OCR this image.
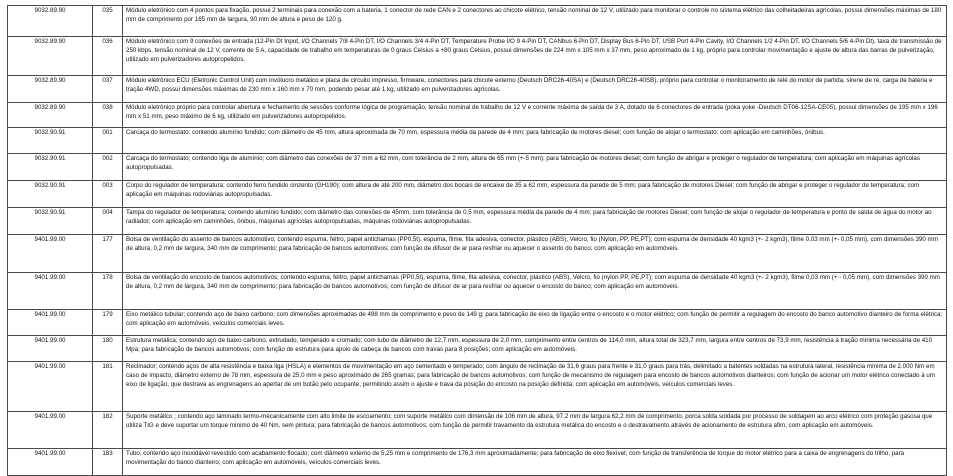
9032.89.90	035	Módulo eletrônico com 4 pontos para fixação, possui 2 terminais para conexão com a bateria, 1 conector de rede CAN e 2 conectores ao chicote elétrico, tensão nominal de 12 V, utilizado para monitorar o controle no sistema elétrico das colheitadeiras agrícolas, possui dimensões máximas de 180 mm de comprimento por 165 mm de largura, 90 mm de altura e peso de 120 g.
9032.89.90	036	Módulo eletrônico com 9 conexões de entrada (12-Pin Dt Input, I/O Channels 7/8 4-Pin DT, I/O Channels 3/4 4-Pin DT, Temperature Probe I/O 9 4-Pin DT, CANbus 6-Pin DT, Display Bus 6-Pin DT, USB Port 4-Pin Cavity, I/O Channels 1/2 4-Pin DT, I/O Channels 5/6 4-Pin Dt), taxa de transmissão de 250 kbps, tensão nominal de 12 V, corrente de 5 A, capacidade de trabalho em temperaturas de 0 graus Celsius a +80 graus Celsius, possui dimensões de 224 mm x 105 mm x 37 mm, peso aproximado de 1 kg, próprio para controlar movimentação e ajuste de altura das barras de pulverização, utilizado em pulverizadores autopropelidos.
9032.89.90	037	Módulo eletrônico ECU (Eletronic Control Unit) com invólucro metálico e placa de circuito impresso, firmware, conectores para chicote externo (Deutsch DRC26-40SA) e (Deutsch DRC26-40SB), próprio para controlar o monitoramento de relé do motor de partida, sirene de ré, carga de bateria e tração 4WD, possui dimensões máximas de 230 mm x 160 mm x 70 mm, podendo pesar até 1 kg, utilizado em pulverizadores agrícolas.
9032.89.90	038	Módulo eletrônico próprio para controlar abertura e fechamento de sessões conforme lógica de programação, tensão nominal de trabalho de 12 V e corrente máxima de saída de 3 A, dotado de 6 conectores de entrada (poka yoke -Deutsch DT06-12SA-CE05), possui dimensões de 195 mm x 196 mm x 51 mm, peso máximo de 6 kg, utilizado em pulverizadores autopropelidos.
9032.90.91	001	Carcaça do termostato; contendo alumínio fundido; com diâmetro de 45 mm, altura aproximada de 70 mm, espessura média da parede de 4 mm; para fabricação de motores diesel; com função de alojar o termostato; com aplicação em caminhões, ônibus.
9032.90.91	002	Carcaça do termostato; contendo liga de alumínio; com diâmetro das conexões de 37 mm a 62 mm, com tolerância de 2 mm, altura de 65 mm (+-5 mm); para fabricação de motores diesel; com função de abrigar e proteger o regulador de temperatura; com aplicação em máquinas agrícolas autopropulsadas.
9032.90.91	003	Corpo do regulador de temperatura; contendo ferro fundido cinzento (GH190); com altura de até 200 mm, diâmetro dos bocais de encaixe de 35 a 62 mm, espessura da parede de 5 mm; para fabricação de motores Diesel; com função de abrigar e proteger o regulador de temperatura; com aplicação em máquinas rodoviárias autopropulsadas.
9032.90.91	004	Tampa do regulador de temperatura; contendo alumínio fundido; com diâmetro das conexões de 45mm, com tolerância de 0,5 mm, espessura média da parede de 4 mm; para fabricação de motores Diesel; com função de alojar o regulador de temperatura e ponto de saída de água do motor ao radiador; com aplicação em caminhões, ônibus, máquinas agrícolas autopropulsadas, máquinas rodoviárias autopropulsadas.
9401.99.00	177	Bolsa de ventilação do assento de bancos automotivo; contendo espuma, feltro, papel antichamas (PP0,5t), espuma, filme, fita adesiva, conector, plástico (ABS), Velcro, fio (Nylon, PP, PE,PT); com espuma de densidade 40 kgm3 (+- 2 kgm3), filme 0,03 mm (+- 0,05 mm), com dimensões 390 mm de altura, 0,2 mm de largura, 340 mm de comprimento; para fabricação de bancos automotivos; com função de difusor de ar para resfriar ou aquecer o assento do banco; com aplicação em automóveis.
9401.99.00	178	Bolsa de ventilação do encosto de bancos automotivos; contendo espuma, feltro, papel antichamas (PP0,5t), espuma, filme, fita adesiva, conector, plástico (ABS), Velcro, fio (nylon PP, PE,PT); com espuma de densidade 40 kgm3 (+- 2 kgm3), filme 0,03 mm (+ - 0,05 mm), com dimensões 390 mm de altura, 0,2 mm de largura, 340 mm de comprimento; para fabricação de bancos automotivos; com função de difusor de ar para resfriar ou aquecer o encosto do banco; com aplicação em automóveis.
9401.99.00	179	Eixo metálico tubular; contendo aço de baixo carbono; com dimensões aproximadas de 498 mm de comprimento e peso de 149 g; para fabricação de eixo de ligação entre o encosto e o motor elétrico; com função de permitir a regulagem do encosto do banco automotivo dianteiro de forma elétrica; com aplicação em automóveis, veículos comerciais leves.
9401.99.00	180	Estrutura metálica; contendo aço de baixo carbono, extrudado, temperado e cromado; com tubo de diâmetro de 12,7 mm, espessura de 2,0 mm, comprimento entre centros de 114,0 mm, altura total de 323,7 mm, largura entre centros de 73,9 mm, resistência à tração mínima necessária de 410 Mpa; para fabricação de bancos automotivos; com função de estrutura para apoio de cabeça de bancos com travas para 8 posições; com aplicação em automóveis.
9401.99.00	181	Reclinador; contendo aços de alta resistência e baixa liga (HSLA) e elementos de movimentação em aço cementado e temperado; com ângulo de reclinação de 31,6 graus para frente e 31,0 graus para trás, delimitado a batentes soldadas na estrutura lateral, resistência mínima de 2.000 Nm em caso de impacto, diâmetro externo de 78 mm, espessura de 25,0 mm e peso aproximado de 265 gramas; para fabricação de bancos automotivos; com função de mecanismo de regulagem para encosto de bancos automotivos dianteiros; com função de acionar um motor elétrico conectado à um eixo de ligação, que destrava as engrenagens ao apertar de um botão pelo ocupante, permitindo assim o ajuste e trava da posição do encosto na posição definida; com aplicação em automóveis, veículos comerciais leves.
9401.99.00	182	Suporte metálico ; contendo aço laminado termo-mecanicamente com alto limite de escoamento; com suporte metálico com dimensão de 106 mm de altura, 97,2 mm de largura 62,2 mm de comprimento, porca solda soldada por processo de soldagem ao arco elétrico com proteção gasosa que utiliza TIG e deve suportar um torque mínimo de 40 Nm, sem pintura; para fabricação de bancos automotivos; com função de permitir travamento da estrutura metálica do encosto e o destravamento através de acionamento de estrutura afim; com aplicação em automóveis.
9401.99.00	183	Tubo; contendo aço inoxidável revestido com acabamento flocado; com diâmetro externo de 5,25 mm e comprimento de 176,3 mm aproximadamente; para fabricação de eixo flexível; com função de transferência de torque do motor elétrico para a caixa de engrenagens do trilho, para movimentação do banco dianteiro; com aplicação em automóveis, veículos comerciais leves.
